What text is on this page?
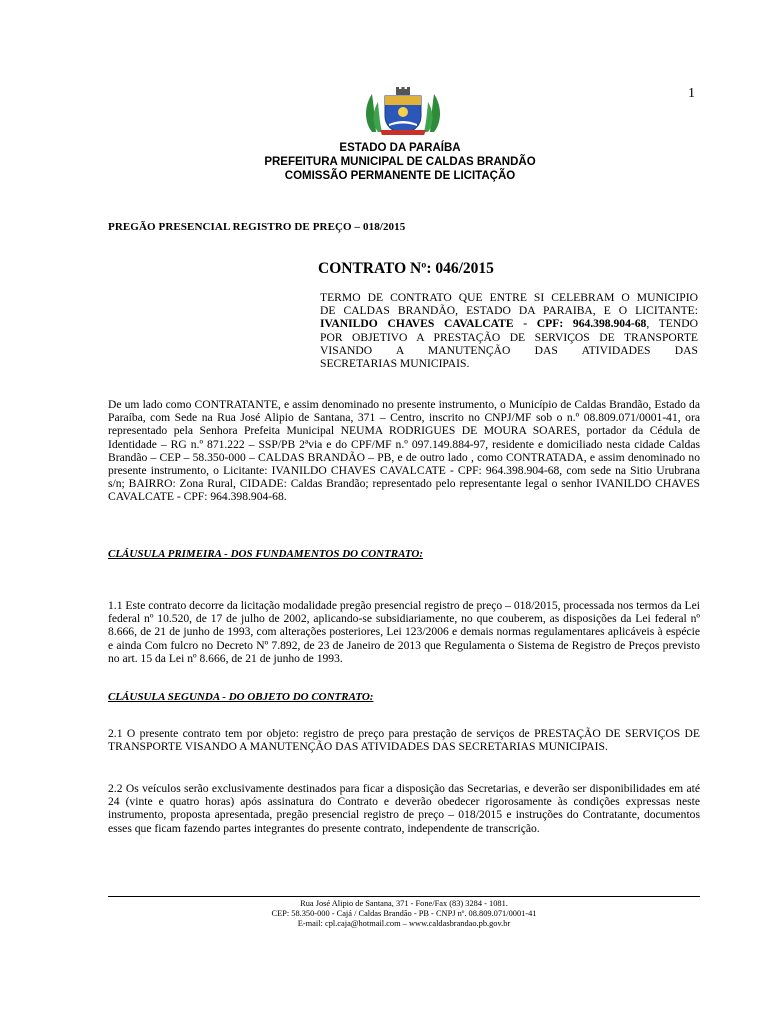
1
ESTADO DA PARAÍBA
PREFEITURA MUNICIPAL DE CALDAS BRANDÃO
COMISSÃO PERMANENTE DE LICITAÇÃO
PREGÃO PRESENCIAL REGISTRO DE PREÇO – 018/2015
CONTRATO Nº: 046/2015
TERMO DE CONTRATO QUE ENTRE SI CELEBRAM O MUNICIPIO
DE CALDAS BRANDÃO, ESTADO DA PARAIBA, E O LICITANTE:
IVANILDO CHAVES CAVALCATE - CPF: 964.398.904-68, TENDO
POR OBJETIVO A PRESTAÇÃO DE SERVIÇOS DE TRANSPORTE
VISANDO A MANUTENÇÃO DAS ATIVIDADES DAS
SECRETARIAS MUNICIPAIS.
De um lado como CONTRATANTE, e assim denominado no presente instrumento, o Município de Caldas Brandão, Estado da Paraíba, com Sede na Rua José Alipio de Santana, 371 – Centro, inscrito no CNPJ/MF sob o n.º 08.809.071/0001-41, ora representado pela Senhora Prefeita Municipal NEUMA RODRIGUES DE MOURA SOARES, portador da Cédula de Identidade – RG n.º 871.222 – SSP/PB 2ªvia e do CPF/MF n.º 097.149.884-97, residente e domiciliado nesta cidade Caldas Brandão – CEP – 58.350-000 – CALDAS BRANDÃO – PB, e de outro lado , como CONTRATADA, e assim denominado no presente instrumento, o Licitante: IVANILDO CHAVES CAVALCATE - CPF: 964.398.904-68, com sede na Sitio Urubrana s/n; BAIRRO: Zona Rural, CIDADE: Caldas Brandão; representado pelo representante legal o senhor IVANILDO CHAVES CAVALCATE - CPF: 964.398.904-68.
CLÁUSULA PRIMEIRA - DOS FUNDAMENTOS DO CONTRATO:
1.1 Este contrato decorre da licitação modalidade pregão presencial registro de preço – 018/2015, processada nos termos da Lei federal nº 10.520, de 17 de julho de 2002, aplicando-se subsidiariamente, no que couberem, as disposições da Lei federal nº 8.666, de 21 de junho de 1993, com alterações posteriores, Lei 123/2006 e demais normas regulamentares aplicáveis à espécie e ainda Com fulcro no Decreto Nº 7.892, de 23 de Janeiro de 2013 que Regulamenta o Sistema de Registro de Preços previsto no art. 15 da Lei nº 8.666, de 21 de junho de 1993.
CLÁUSULA SEGUNDA - DO OBJETO DO CONTRATO:
2.1 O presente contrato tem por objeto: registro de preço para prestação de serviços de PRESTAÇÃO DE SERVIÇOS DE TRANSPORTE VISANDO A MANUTENÇÃO DAS ATIVIDADES DAS SECRETARIAS MUNICIPAIS.
2.2 Os veículos serão exclusivamente destinados para ficar a disposição das Secretarias, e deverão ser disponibilidades em até 24 (vinte e quatro horas) após assinatura do Contrato e deverão obedecer rigorosamente às condições expressas neste instrumento, proposta apresentada, pregão presencial registro de preço – 018/2015 e instruções do Contratante, documentos esses que ficam fazendo partes integrantes do presente contrato, independente de transcrição.
Rua José Alipio de Santana, 371 - Fone/Fax (83) 3284 - 1081.
CEP: 58.350-000 - Cajá / Caldas Brandão - PB - CNPJ nº. 08.809.071/0001-41
E-mail: cpl.caja@hotmail.com – www.caldasbrandao.pb.gov.br
